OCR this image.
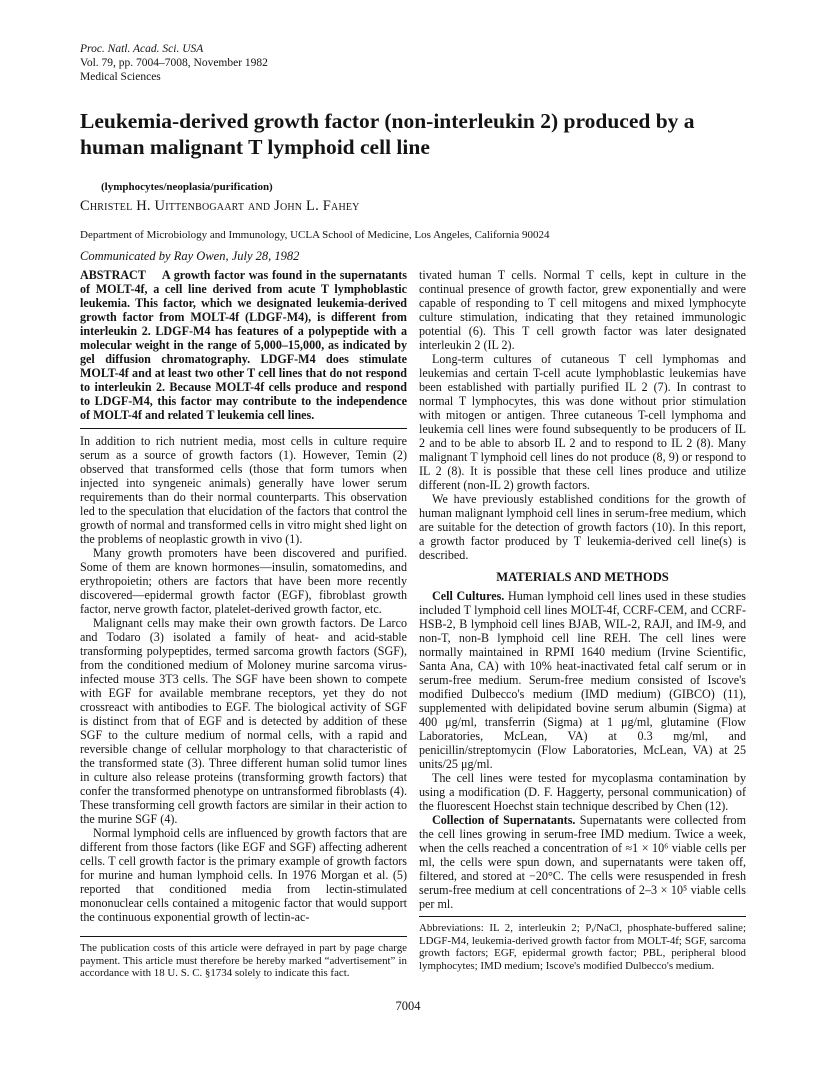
Proc. Natl. Acad. Sci. USA
Vol. 79, pp. 7004–7008, November 1982
Medical Sciences
Leukemia-derived growth factor (non-interleukin 2) produced by a human malignant T lymphoid cell line
(lymphocytes/neoplasia/purification)
Christel H. Uittenbogaart and John L. Fahey
Department of Microbiology and Immunology, UCLA School of Medicine, Los Angeles, California 90024
Communicated by Ray Owen, July 28, 1982

ABSTRACT A growth factor was found in the supernatants of MOLT-4f, a cell line derived from acute T lymphoblastic leukemia. This factor, which we designated leukemia-derived growth factor from MOLT-4f (LDGF-M4), is different from interleukin 2. LDGF-M4 has features of a polypeptide with a molecular weight in the range of 5,000–15,000, as indicated by gel diffusion chromatography. LDGF-M4 does stimulate MOLT-4f and at least two other T cell lines that do not respond to interleukin 2. Because MOLT-4f cells produce and respond to LDGF-M4, this factor may contribute to the independence of MOLT-4f and related T leukemia cell lines.

In addition to rich nutrient media, most cells in culture require serum as a source of growth factors (1). However, Temin (2) observed that transformed cells (those that form tumors when injected into syngeneic animals) generally have lower serum requirements than do their normal counterparts. This observation led to the speculation that elucidation of the factors that control the growth of normal and transformed cells in vitro might shed light on the problems of neoplastic growth in vivo (1).

Many growth promoters have been discovered and purified. Some of them are known hormones—insulin, somatomedins, and erythropoietin; others are factors that have been more recently discovered—epidermal growth factor (EGF), fibroblast growth factor, nerve growth factor, platelet-derived growth factor, etc.

Malignant cells may make their own growth factors. De Larco and Todaro (3) isolated a family of heat- and acid-stable transforming polypeptides, termed sarcoma growth factors (SGF), from the conditioned medium of Moloney murine sarcoma virus-infected mouse 3T3 cells. The SGF have been shown to compete with EGF for available membrane receptors, yet they do not crossreact with antibodies to EGF. The biological activity of SGF is distinct from that of EGF and is detected by addition of these SGF to the culture medium of normal cells, with a rapid and reversible change of cellular morphology to that characteristic of the transformed state (3). Three different human solid tumor lines in culture also release proteins (transforming growth factors) that confer the transformed phenotype on untransformed fibroblasts (4). These transforming cell growth factors are similar in their action to the murine SGF (4).

Normal lymphoid cells are influenced by growth factors that are different from those factors (like EGF and SGF) affecting adherent cells. T cell growth factor is the primary example of growth factors for murine and human lymphoid cells. In 1976 Morgan et al. (5) reported that conditioned media from lectin-stimulated mononuclear cells contained a mitogenic factor that would support the continuous exponential growth of lectin-ac-

tivated human T cells. Normal T cells, kept in culture in the continual presence of growth factor, grew exponentially and were capable of responding to T cell mitogens and mixed lymphocyte culture stimulation, indicating that they retained immunologic potential (6). This T cell growth factor was later designated interleukin 2 (IL 2).

Long-term cultures of cutaneous T cell lymphomas and leukemias and certain T-cell acute lymphoblastic leukemias have been established with partially purified IL 2 (7). In contrast to normal T lymphocytes, this was done without prior stimulation with mitogen or antigen. Three cutaneous T-cell lymphoma and leukemia cell lines were found subsequently to be producers of IL 2 and to be able to absorb IL 2 and to respond to IL 2 (8). Many malignant T lymphoid cell lines do not produce (8, 9) or respond to IL 2 (8). It is possible that these cell lines produce and utilize different (non-IL 2) growth factors.

We have previously established conditions for the growth of human malignant lymphoid cell lines in serum-free medium, which are suitable for the detection of growth factors (10). In this report, a growth factor produced by T leukemia-derived cell line(s) is described.

MATERIALS AND METHODS

Cell Cultures. Human lymphoid cell lines used in these studies included T lymphoid cell lines MOLT-4f, CCRF-CEM, and CCRF-HSB-2, B lymphoid cell lines BJAB, WIL-2, RAJI, and IM-9, and non-T, non-B lymphoid cell line REH. The cell lines were normally maintained in RPMI 1640 medium (Irvine Scientific, Santa Ana, CA) with 10% heat-inactivated fetal calf serum or in serum-free medium. Serum-free medium consisted of Iscove's modified Dulbecco's medium (IMD medium) (GIBCO) (11), supplemented with delipidated bovine serum albumin (Sigma) at 400 μg/ml, transferrin (Sigma) at 1 μg/ml, glutamine (Flow Laboratories, McLean, VA) at 0.3 mg/ml, and penicillin/streptomycin (Flow Laboratories, McLean, VA) at 25 units/25 μg/ml.

The cell lines were tested for mycoplasma contamination by using a modification (D. F. Haggerty, personal communication) of the fluorescent Hoechst stain technique described by Chen (12).

Collection of Supernatants. Supernatants were collected from the cell lines growing in serum-free IMD medium. Twice a week, when the cells reached a concentration of ≈1 × 10⁶ viable cells per ml, the cells were spun down, and supernatants were taken off, filtered, and stored at −20°C. The cells were resuspended in fresh serum-free medium at cell concentrations of 2–3 × 10⁵ viable cells per ml.

The publication costs of this article were defrayed in part by page charge payment. This article must therefore be hereby marked “advertisement” in accordance with 18 U. S. C. §1734 solely to indicate this fact.

Abbreviations: IL 2, interleukin 2; Pᵢ/NaCl, phosphate-buffered saline; LDGF-M4, leukemia-derived growth factor from MOLT-4f; SGF, sarcoma growth factors; EGF, epidermal growth factor; PBL, peripheral blood lymphocytes; IMD medium; Iscove's modified Dulbecco's medium.

7004
